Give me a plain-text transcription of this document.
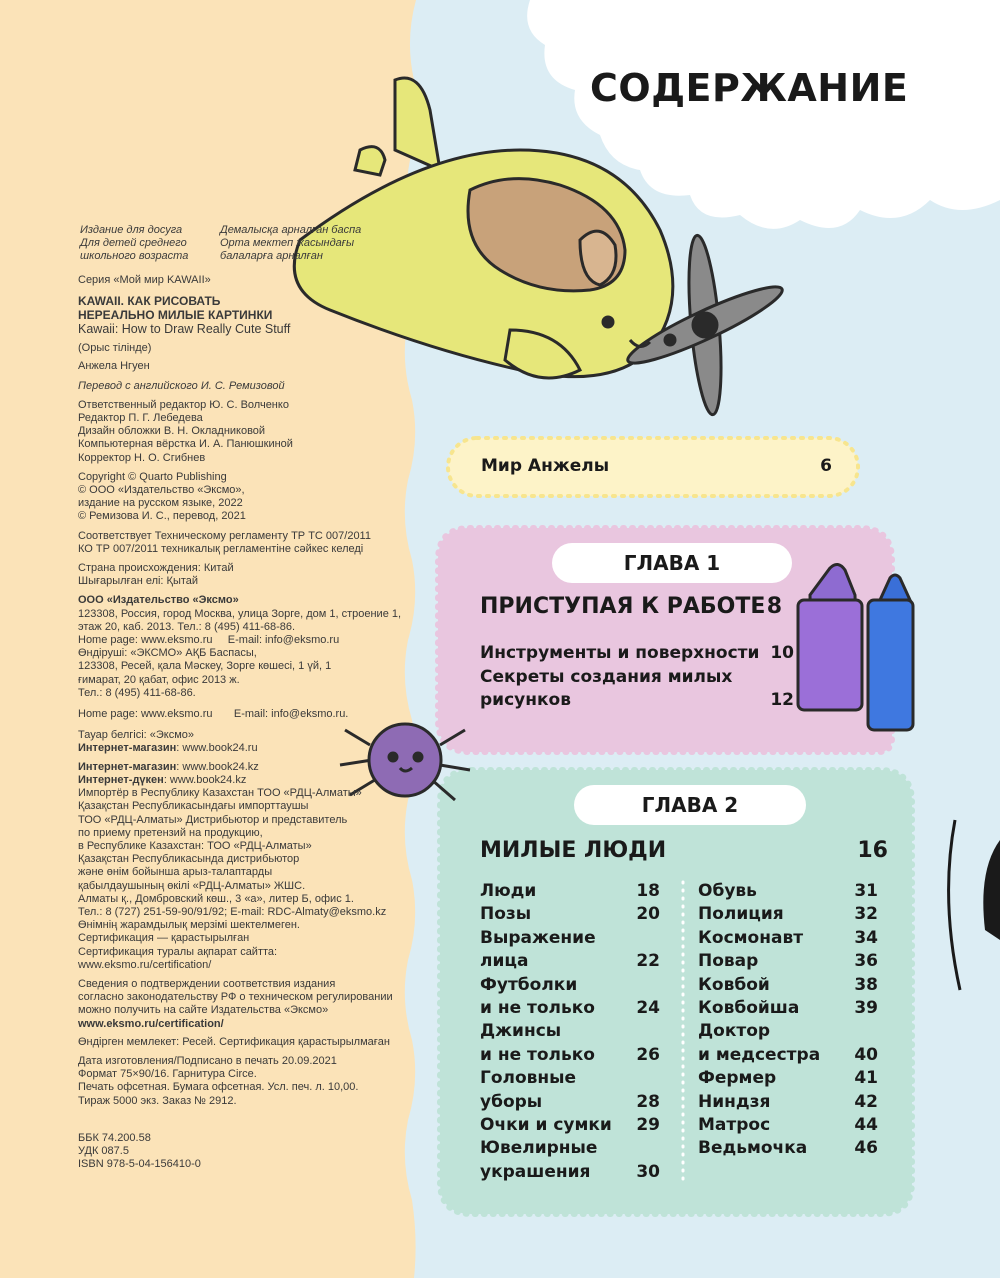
Издание для досуга
Для детей среднего
школьного возраста
Демалысқа арналған баспа
Орта мектеп жасындағы
балаларға арналған
Серия «Мой мир KAWAII»
KAWAII. КАК РИСОВАТЬ
НЕРЕАЛЬНО МИЛЫЕ КАРТИНКИ
Kawaii: How to Draw Really Cute Stuff
(Орыс тілінде)
Анжела Нгуен
Перевод с английского И. С. Ремизовой
Ответственный редактор Ю. С. Волченко
Редактор П. Г. Лебедева
Дизайн обложки В. Н. Окладниковой
Компьютерная вёрстка И. А. Панюшкиной
Корректор Н. О. Сгибнев
Copyright © Quarto Publishing
© ООО «Издательство «Эксмо»,
издание на русском языке, 2022
© Ремизова И. С., перевод, 2021
Соответствует Техническому регламенту ТР ТС 007/2011
КО ТР 007/2011 техникалық регламентіне сәйкес келеді
Страна происхождения: Китай
Шығарылған елі: Қытай
ООО «Издательство «Эксмо»
123308, Россия, город Москва, улица Зорге, дом 1, строение 1,
этаж 20, каб. 2013. Тел.: 8 (495) 411-68-86.
Home page: www.eksmo.ru     E-mail: info@eksmo.ru
Өндіруші: «ЭКСМО» АҚБ Баспасы,
123308, Ресей, қала Мәскеу, Зорге көшесі, 1 үй, 1
ғимарат, 20 қабат, офис 2013 ж.
Тел.: 8 (495) 411-68-86.
Home page: www.eksmo.ru       E-mail: info@eksmo.ru.
Тауар белгісі: «Эксмо»
Интернет-магазин: www.book24.ru
Интернет-магазин: www.book24.kz
Интернет-дүкен: www.book24.kz
Импортёр в Республику Казахстан ТОО «РДЦ-Алматы»
Қазақстан Республикасындағы импорттаушы
ТОО «РДЦ-Алматы» Дистрибьютор и представитель
по приему претензий на продукцию,
в Республике Казахстан: ТОО «РДЦ-Алматы»
Қазақстан Республикасында дистрибьютор
және өнім бойынша арыз-талаптарды
қабылдаушының өкілі «РДЦ-Алматы» ЖШС.
Алматы қ., Домбровский көш., 3 «а», литер Б, офис 1.
Тел.: 8 (727) 251-59-90/91/92; E-mail: RDC-Almaty@eksmo.kz
Өнімнің жарамдылық мерзімі шектелмеген.
Сертификация — қарастырылған
Сертификация туралы ақпарат сайтта:
www.eksmo.ru/certification/
Сведения о подтверждении соответствия издания
согласно законодательству РФ о техническом регулировании
можно получить на сайте Издательства «Эксмо»
www.eksmo.ru/certification/
Өндірген мемлекет: Ресей. Сертификация қарастырылмаған
Дата изготовления/Подписано в печать 20.09.2021
Формат 75×90/16. Гарнитура Circe.
Печать офсетная. Бумага офсетная. Усл. печ. л. 10,00.
Тираж 5000 экз. Заказ № 2912.
ББК 74.200.58
УДК 087.5
ISBN 978-5-04-156410-0
СОДЕРЖАНИЕ
Мир Анжелы	6
ГЛАВА 1
ПРИСТУПАЯ К РАБОТЕ 8
Инструменты и поверхности 10
Секреты создания милых
рисунков	12
ГЛАВА 2
МИЛЫЕ ЛЮДИ	16
Люди	18
Позы	20
Выражение
лица	22
Футболки
и не только	24
Джинсы
и не только	26
Головные
уборы	28
Очки и сумки	29
Ювелирные
украшения	30
Обувь	31
Полиция	32
Космонавт	34
Повар	36
Ковбой	38
Ковбойша	39
Доктор
и медсестра	40
Фермер	41
Ниндзя	42
Матрос	44
Ведьмочка	46
